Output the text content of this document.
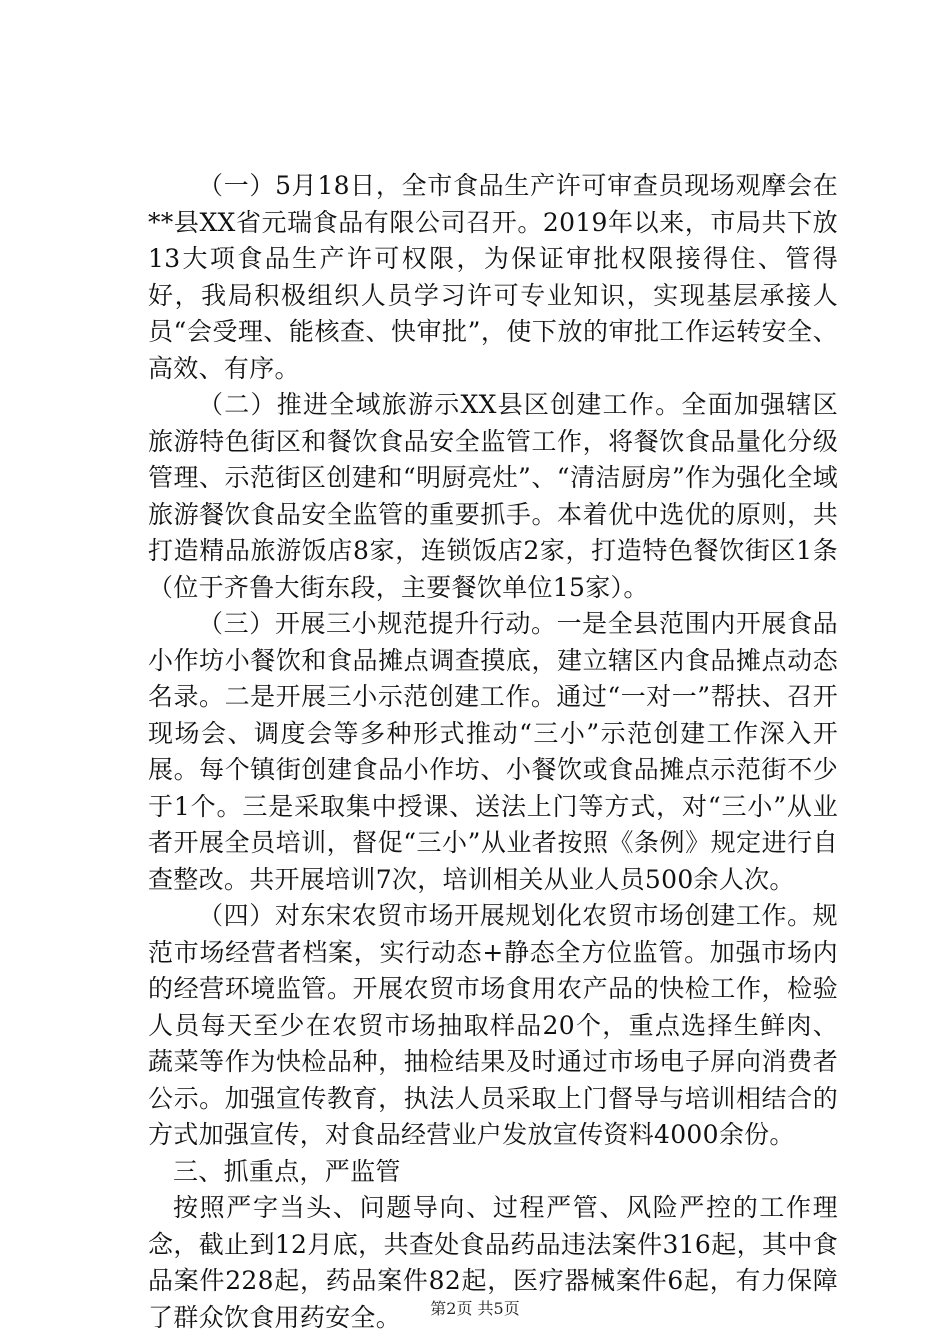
（一）5月18日，全市食品生产许可审查员现场观摩会在**县XX省元瑞食品有限公司召开。2019年以来，市局共下放13大项食品生产许可权限，为保证审批权限接得住、管得好，我局积极组织人员学习许可专业知识，实现基层承接人员“会受理、能核查、快审批”，使下放的审批工作运转安全、高效、有序。

（二）推进全域旅游示XX县区创建工作。全面加强辖区旅游特色街区和餐饮食品安全监管工作，将餐饮食品量化分级管理、示范街区创建和“明厨亮灶”、“清洁厨房”作为强化全域旅游餐饮食品安全监管的重要抓手。本着优中选优的原则，共打造精品旅游饭店8家，连锁饭店2家，打造特色餐饮街区1条（位于齐鲁大街东段，主要餐饮单位15家）。

（三）开展三小规范提升行动。一是全县范围内开展食品小作坊小餐饮和食品摊点调查摸底，建立辖区内食品摊点动态名录。二是开展三小示范创建工作。通过“一对一”帮扶、召开现场会、调度会等多种形式推动“三小”示范创建工作深入开展。每个镇街创建食品小作坊、小餐饮或食品摊点示范街不少于1个。三是采取集中授课、送法上门等方式，对“三小”从业者开展全员培训，督促“三小”从业者按照《条例》规定进行自查整改。共开展培训7次，培训相关从业人员500余人次。

（四）对东宋农贸市场开展规划化农贸市场创建工作。规范市场经营者档案，实行动态+静态全方位监管。加强市场内的经营环境监管。开展农贸市场食用农产品的快检工作，检验人员每天至少在农贸市场抽取样品20个，重点选择生鲜肉、蔬菜等作为快检品种，抽检结果及时通过市场电子屏向消费者公示。加强宣传教育，执法人员采取上门督导与培训相结合的方式加强宣传，对食品经营业户发放宣传资料4000余份。

三、抓重点，严监管

按照严字当头、问题导向、过程严管、风险严控的工作理念，截止到12月底，共查处食品药品违法案件316起，其中食品案件228起，药品案件82起，医疗器械案件6起，有力保障了群众饮食用药安全。	第2页 共5页
